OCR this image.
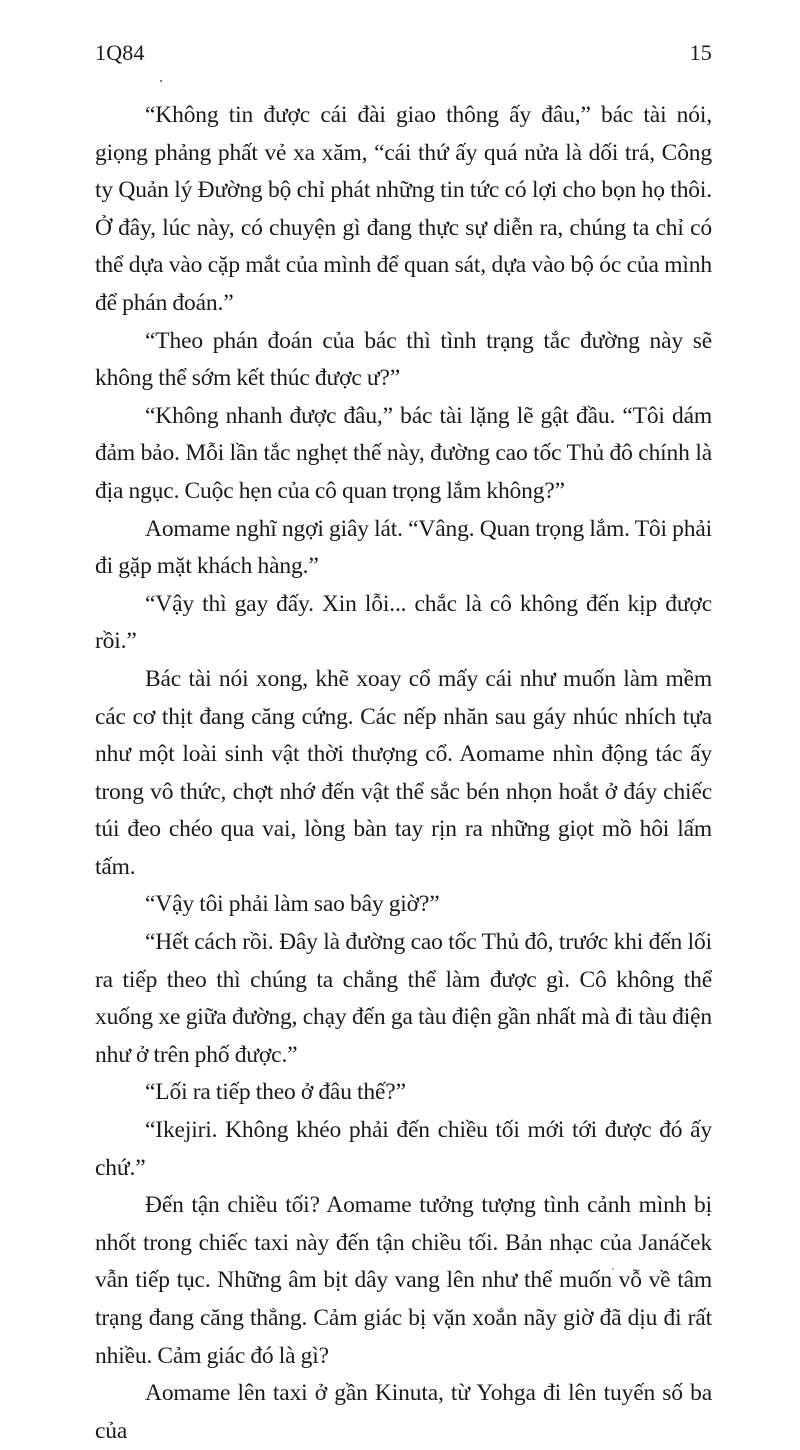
1Q84	15

“Không tin được cái đài giao thông ấy đâu,” bác tài nói, giọng phảng phất vẻ xa xăm, “cái thứ ấy quá nửa là dối trá, Công ty Quản lý Đường bộ chỉ phát những tin tức có lợi cho bọn họ thôi. Ở đây, lúc này, có chuyện gì đang thực sự diễn ra, chúng ta chỉ có thể dựa vào cặp mắt của mình để quan sát, dựa vào bộ óc của mình để phán đoán.”

“Theo phán đoán của bác thì tình trạng tắc đường này sẽ không thể sớm kết thúc được ư?”

“Không nhanh được đâu,” bác tài lặng lẽ gật đầu. “Tôi dám đảm bảo. Mỗi lần tắc nghẹt thế này, đường cao tốc Thủ đô chính là địa ngục. Cuộc hẹn của cô quan trọng lắm không?”

Aomame nghĩ ngợi giây lát. “Vâng. Quan trọng lắm. Tôi phải đi gặp mặt khách hàng.”

“Vậy thì gay đấy. Xin lỗi... chắc là cô không đến kịp được rồi.”

Bác tài nói xong, khẽ xoay cổ mấy cái như muốn làm mềm các cơ thịt đang căng cứng. Các nếp nhăn sau gáy nhúc nhích tựa như một loài sinh vật thời thượng cổ. Aomame nhìn động tác ấy trong vô thức, chợt nhớ đến vật thể sắc bén nhọn hoắt ở đáy chiếc túi đeo chéo qua vai, lòng bàn tay rịn ra những giọt mồ hôi lấm tấm.

“Vậy tôi phải làm sao bây giờ?”

“Hết cách rồi. Đây là đường cao tốc Thủ đô, trước khi đến lối ra tiếp theo thì chúng ta chẳng thể làm được gì. Cô không thể xuống xe giữa đường, chạy đến ga tàu điện gần nhất mà đi tàu điện như ở trên phố được.”

“Lối ra tiếp theo ở đâu thế?”

“Ikejiri. Không khéo phải đến chiều tối mới tới được đó ấy chứ.”

Đến tận chiều tối? Aomame tưởng tượng tình cảnh mình bị nhốt trong chiếc taxi này đến tận chiều tối. Bản nhạc của Janáček vẫn tiếp tục. Những âm bịt dây vang lên như thể muốn vỗ về tâm trạng đang căng thẳng. Cảm giác bị vặn xoắn nãy giờ đã dịu đi rất nhiều. Cảm giác đó là gì?

Aomame lên taxi ở gần Kinuta, từ Yohga đi lên tuyến số ba của
